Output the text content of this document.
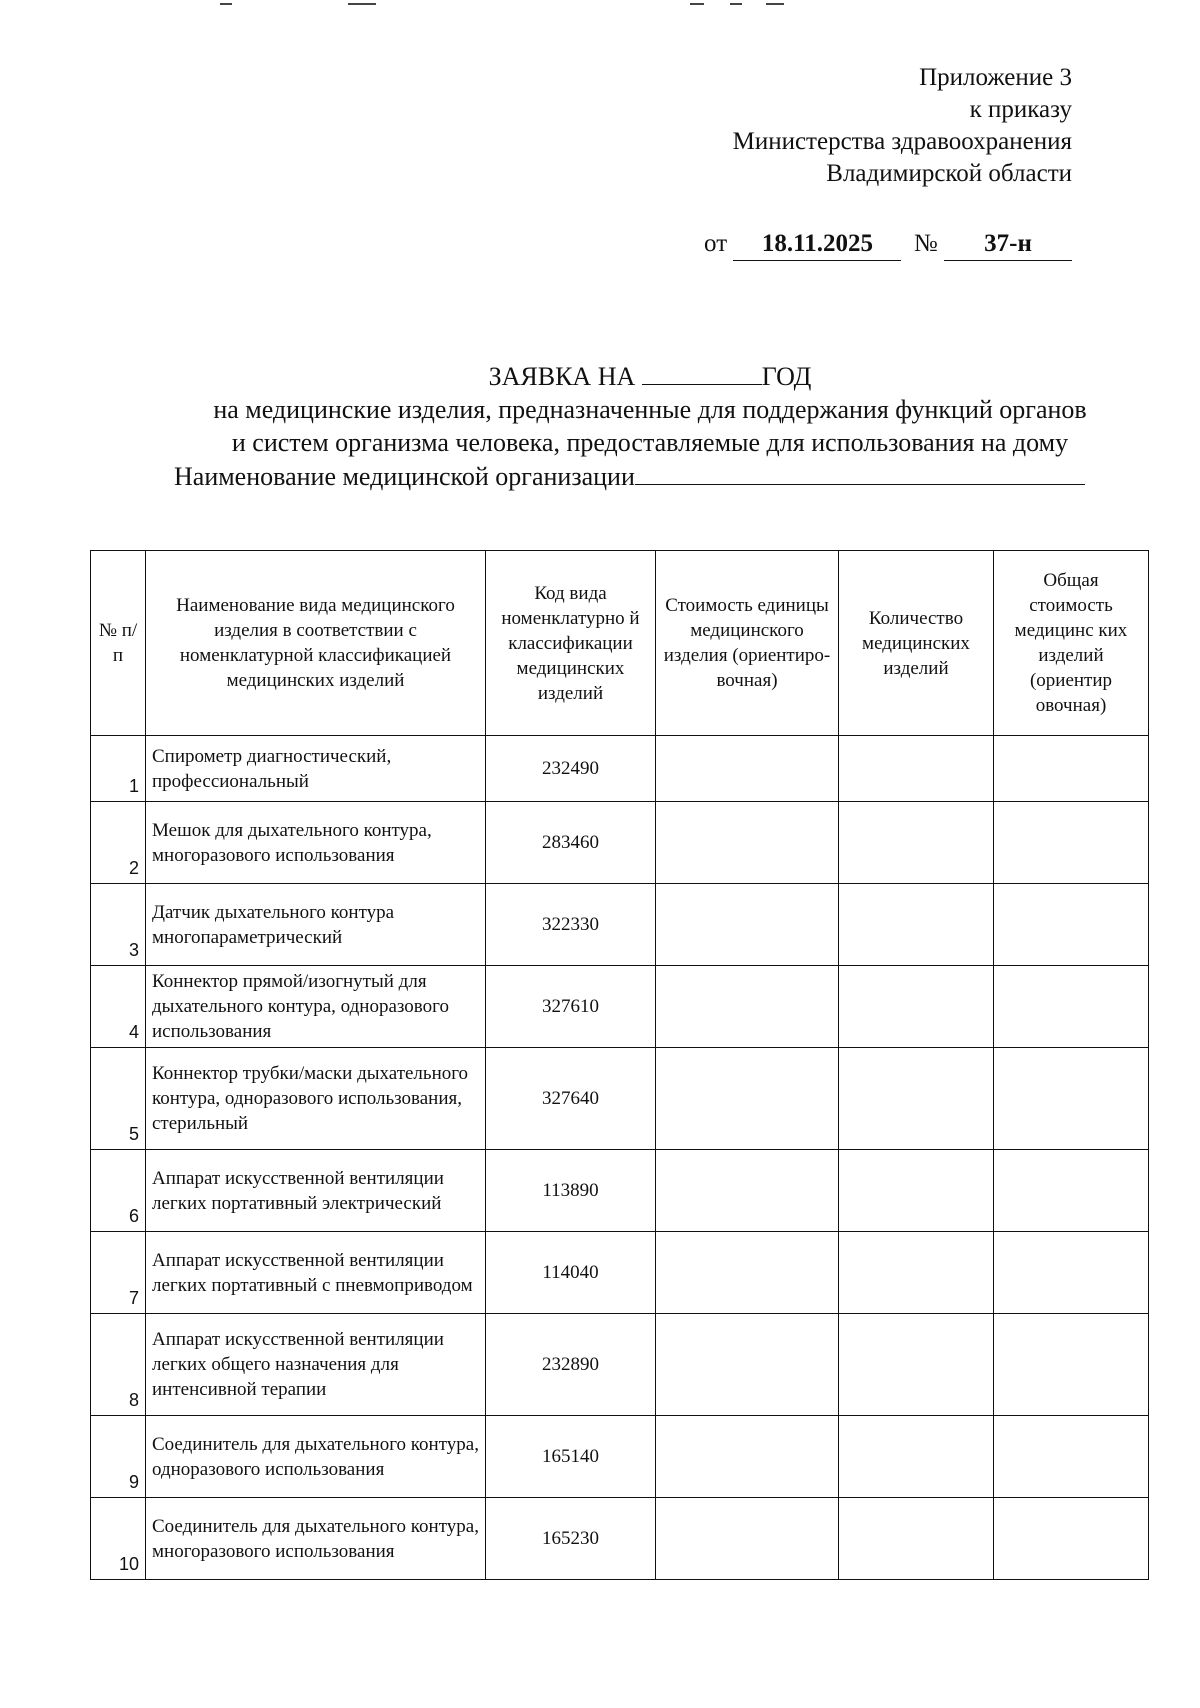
Приложение 3
к приказу
Министерства здравоохранения
Владимирской области
от 18.11.2025 № 37-н
ЗАЯВКА НА	ГОД
на медицинские изделия, предназначенные для поддержания функций органов
и систем организма человека, предоставляемые для использования на дому
Наименование медицинской организации
№ п/п	Наименование вида медицинского изделия в соответствии с номенклатурной классификацией медицинских изделий	Код вида номенклатурно й классификации медицинских изделий	Стоимость единицы медицинского изделия (ориентиро-вочная)	Количество медицинских изделий	Общая стоимость медицинс ких изделий (ориентир овочная)
1	Спирометр диагностический, профессиональный	232490			
2	Мешок для дыхательного контура, многоразового использования	283460			
3	Датчик дыхательного контура многопараметрический	322330			
4	Коннектор прямой/изогнутый для дыхательного контура, одноразового использования	327610			
5	Коннектор трубки/маски дыхательного контура, одноразового использования, стерильный	327640			
6	Аппарат искусственной вентиляции легких портативный электрический	113890			
7	Аппарат искусственной вентиляции легких портативный с пневмоприводом	114040			
8	Аппарат искусственной вентиляции легких общего назначения для интенсивной терапии	232890			
9	Соединитель для дыхательного контура, одноразового использования	165140			
10	Соединитель для дыхательного контура, многоразового использования	165230			
